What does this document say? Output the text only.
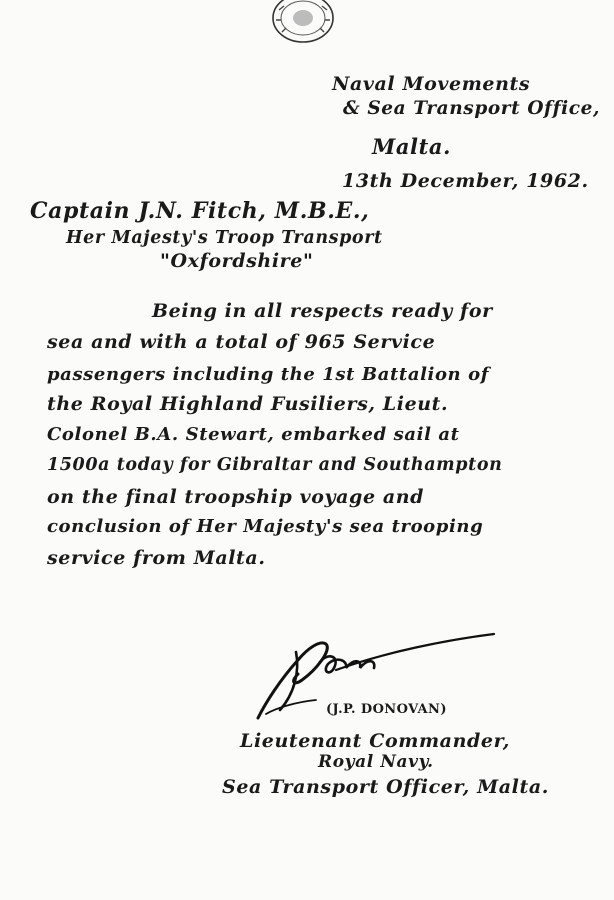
Naval Movements
& Sea Transport Office,
Malta.
13th December, 1962.
Captain J.N. Fitch, M.B.E.,
Her Majesty's Troop Transport
"Oxfordshire"
Being in all respects ready for
sea and with a total of 965 Service
passengers including the 1st Battalion of
the Royal Highland Fusiliers, Lieut.
Colonel B.A. Stewart, embarked sail at
1500a today for Gibraltar and Southampton
on the final troopship voyage and
conclusion of Her Majesty's sea trooping
service from Malta.
(J.P. DONOVAN)
Lieutenant Commander,
Royal Navy.
Sea Transport Officer, Malta.
